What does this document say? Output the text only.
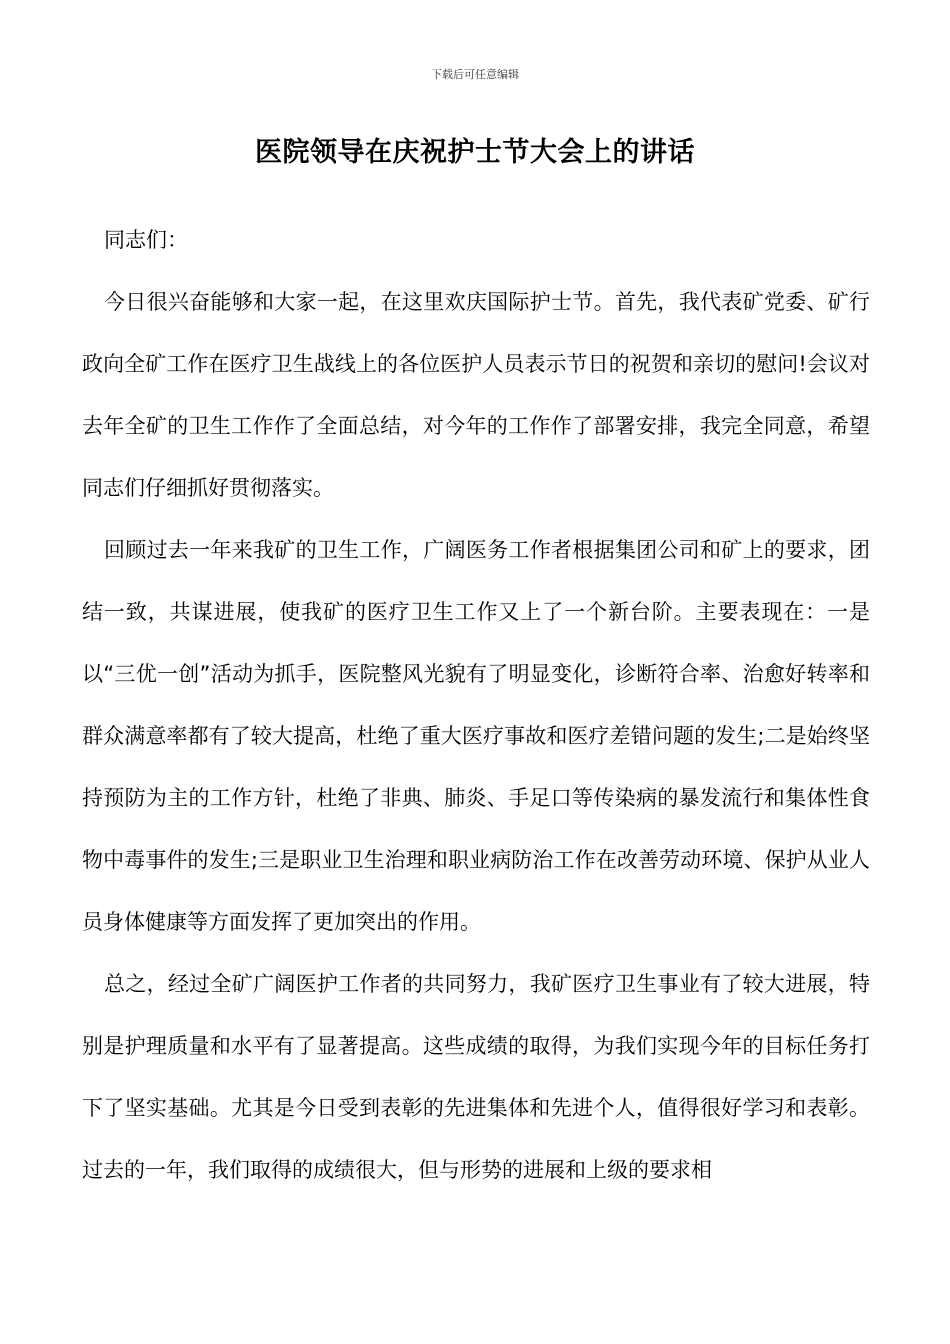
下载后可任意编辑
医院领导在庆祝护士节大会上的讲话
同志们：

今日很兴奋能够和大家一起，在这里欢庆国际护士节。首先，我代表矿党委、矿行政向全矿工作在医疗卫生战线上的各位医护人员表示节日的祝贺和亲切的慰问!会议对去年全矿的卫生工作作了全面总结，对今年的工作作了部署安排，我完全同意，希望同志们仔细抓好贯彻落实。

回顾过去一年来我矿的卫生工作，广阔医务工作者根据集团公司和矿上的要求，团结一致，共谋进展，使我矿的医疗卫生工作又上了一个新台阶。主要表现在：一是以“三优一创”活动为抓手，医院整风光貌有了明显变化，诊断符合率、治愈好转率和群众满意率都有了较大提高，杜绝了重大医疗事故和医疗差错问题的发生;二是始终坚持预防为主的工作方针，杜绝了非典、肺炎、手足口等传染病的暴发流行和集体性食物中毒事件的发生;三是职业卫生治理和职业病防治工作在改善劳动环境、保护从业人员身体健康等方面发挥了更加突出的作用。

总之，经过全矿广阔医护工作者的共同努力，我矿医疗卫生事业有了较大进展，特别是护理质量和水平有了显著提高。这些成绩的取得，为我们实现今年的目标任务打下了坚实基础。尤其是今日受到表彰的先进集体和先进个人，值得很好学习和表彰。过去的一年，我们取得的成绩很大，但与形势的进展和上级的要求相
